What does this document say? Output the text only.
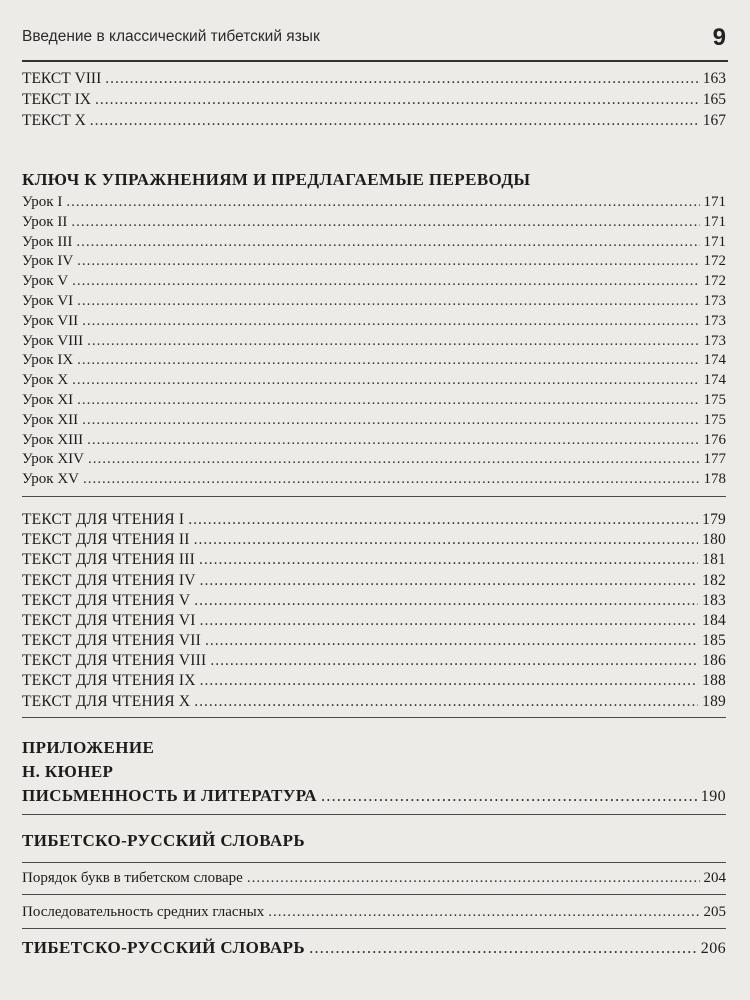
Введение в классический тибетский язык	9
ТЕКСТ VIII .....	163
ТЕКСТ IX .....	165
ТЕКСТ X .....	167
КЛЮЧ К УПРАЖНЕНИЯМ И ПРЕДЛАГАЕМЫЕ ПЕРЕВОДЫ
Урок I .....	171
Урок II .....	171
Урок III .....	171
Урок IV .....	172
Урок V .....	172
Урок VI .....	173
Урок VII .....	173
Урок VIII .....	173
Урок IX .....	174
Урок X .....	174
Урок XI .....	175
Урок XII .....	175
Урок XIII .....	176
Урок XIV .....	177
Урок XV .....	178
ТЕКСТ ДЛЯ ЧТЕНИЯ I .....	179
ТЕКСТ ДЛЯ ЧТЕНИЯ II .....	180
ТЕКСТ ДЛЯ ЧТЕНИЯ III .....	181
ТЕКСТ ДЛЯ ЧТЕНИЯ IV .....	182
ТЕКСТ ДЛЯ ЧТЕНИЯ V .....	183
ТЕКСТ ДЛЯ ЧТЕНИЯ VI .....	184
ТЕКСТ ДЛЯ ЧТЕНИЯ VII .....	185
ТЕКСТ ДЛЯ ЧТЕНИЯ VIII .....	186
ТЕКСТ ДЛЯ ЧТЕНИЯ IX .....	188
ТЕКСТ ДЛЯ ЧТЕНИЯ X .....	189
ПРИЛОЖЕНИЕ
Н. КЮНЕР
ПИСЬМЕННОСТЬ И ЛИТЕРАТУРА .....	190
ТИБЕТСКО-РУССКИЙ СЛОВАРЬ
Порядок букв в тибетском словаре .....	204
Последовательность средних гласных .....	205
ТИБЕТСКО-РУССКИЙ СЛОВАРЬ .....	206
